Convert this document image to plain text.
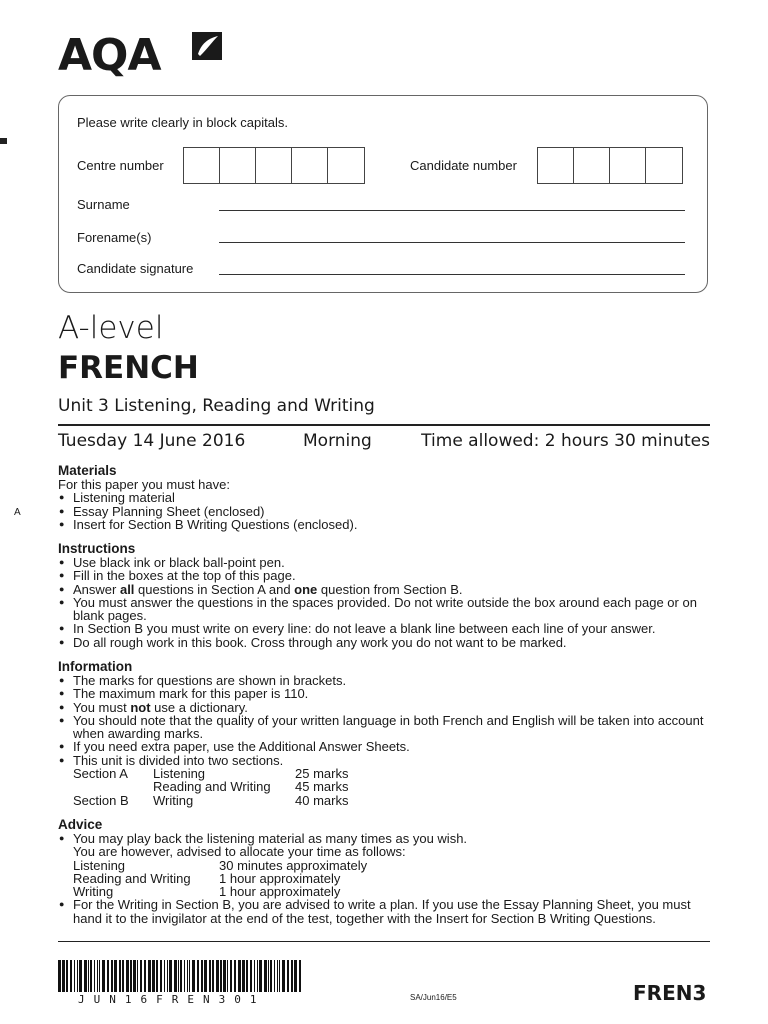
AQA
A
Please write clearly in block capitals.
Centre number	Candidate number
Surname
Forename(s)
Candidate signature
A-level
FRENCH
Unit 3 Listening, Reading and Writing
Tuesday 14 June 2016	Morning	Time allowed: 2 hours 30 minutes
Materials
For this paper you must have:
● Listening material
● Essay Planning Sheet (enclosed)
● Insert for Section B Writing Questions (enclosed).
Instructions
● Use black ink or black ball-point pen.
● Fill in the boxes at the top of this page.
● Answer all questions in Section A and one question from Section B.
● You must answer the questions in the spaces provided. Do not write outside the box around each page or on blank pages.
● In Section B you must write on every line: do not leave a blank line between each line of your answer.
● Do all rough work in this book. Cross through any work you do not want to be marked.
Information
● The marks for questions are shown in brackets.
● The maximum mark for this paper is 110.
● You must not use a dictionary.
● You should note that the quality of your written language in both French and English will be taken into account when awarding marks.
● If you need extra paper, use the Additional Answer Sheets.
● This unit is divided into two sections.
Section A	Listening	25 marks
Reading and Writing	45 marks
Section B	Writing	40 marks
Advice
● You may play back the listening material as many times as you wish.
You are however, advised to allocate your time as follows:
Listening	30 minutes approximately
Reading and Writing	1 hour approximately
Writing	1 hour approximately
● For the Writing in Section B, you are advised to write a plan. If you use the Essay Planning Sheet, you must hand it to the invigilator at the end of the test, together with the Insert for Section B Writing Questions.
JUN16FREN301	SA/Jun16/E5	FREN3
